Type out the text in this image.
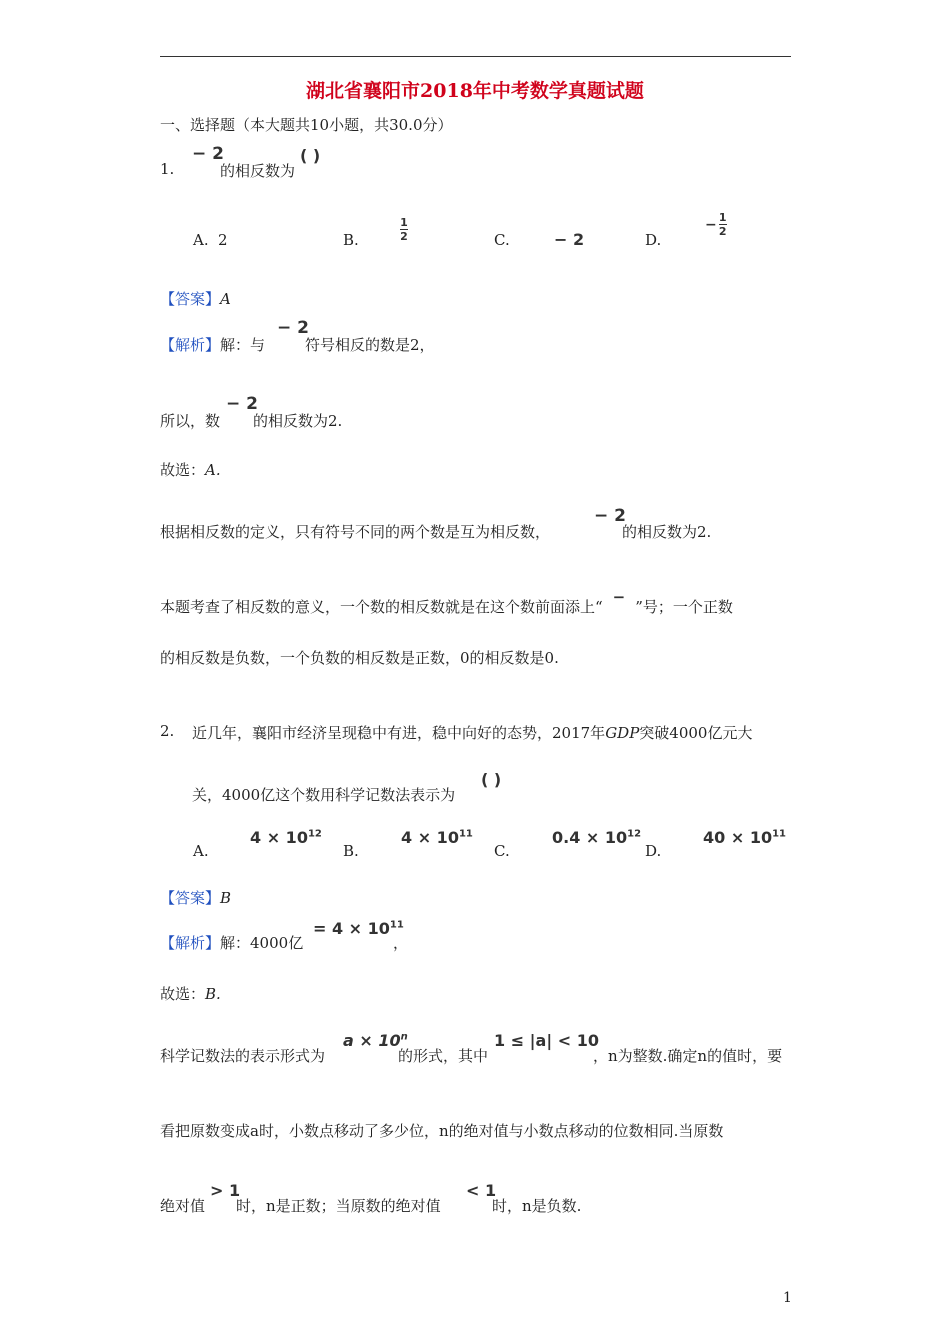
湖北省襄阳市2018年中考数学真题试题
一、选择题（本大题共10小题，共30.0分）
1.
− 2
的相反数为
( )
A. 2	B.	$\frac{1}{2}$	C.	− 2	D.
− $\frac{1}{2}$
【答案】A
【解析】解：与
− 2
符号相反的数是2，
所以，数
− 2
的相反数为2.
故选：A.
根据相反数的定义，只有符号不同的两个数是互为相反数，
− 2
的相反数为2.
本题考查了相反数的意义，一个数的相反数就是在这个数前面添上“−”号；一个正数
的相反数是负数，一个负数的相反数是正数，0的相反数是0.
2. 近几年，襄阳市经济呈现稳中有进，稳中向好的态势，2017年GDP突破4000亿元大
关，4000亿这个数用科学记数法表示为
( )
A.
$4 \times 10^{12}$
B.
$4 \times 10^{11}$
C.
$0.4 \times 10^{12}$
D.
$40 \times 10^{11}$
【答案】B
【解析】解：4000亿
= $4 \times 10^{11}$
，
故选：B.
科学记数法的表示形式为
$a \times 10^n$
的形式，其中
1 ≤ |a| < 10
，n为整数.确定n的值时，要
看把原数变成a时，小数点移动了多少位，n的绝对值与小数点移动的位数相同.当原数
绝对值
> 1
时，n是正数；当原数的绝对值
< 1
时，n是负数.
1
